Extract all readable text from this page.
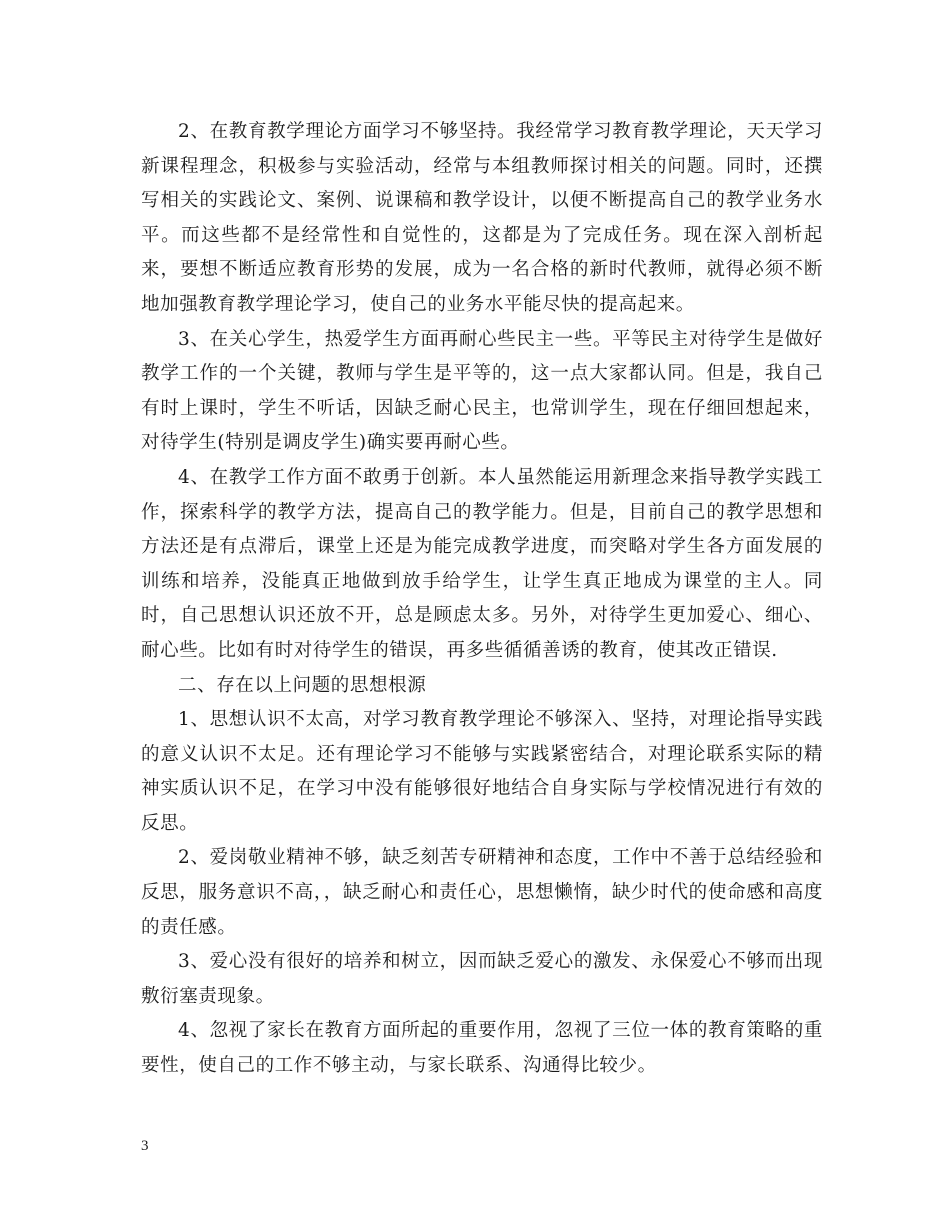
2、在教育教学理论方面学习不够坚持。我经常学习教育教学理论，天天学习新课程理念，积极参与实验活动，经常与本组教师探讨相关的问题。同时，还撰写相关的实践论文、案例、说课稿和教学设计，以便不断提高自己的教学业务水平。而这些都不是经常性和自觉性的，这都是为了完成任务。现在深入剖析起来，要想不断适应教育形势的发展，成为一名合格的新时代教师，就得必须不断地加强教育教学理论学习，使自己的业务水平能尽快的提高起来。

3、在关心学生，热爱学生方面再耐心些民主一些。平等民主对待学生是做好教学工作的一个关键，教师与学生是平等的，这一点大家都认同。但是，我自己有时上课时，学生不听话，因缺乏耐心民主，也常训学生，现在仔细回想起来，对待学生(特别是调皮学生)确实要再耐心些。

4、在教学工作方面不敢勇于创新。本人虽然能运用新理念来指导教学实践工作，探索科学的教学方法，提高自己的教学能力。但是，目前自己的教学思想和方法还是有点滞后，课堂上还是为能完成教学进度，而突略对学生各方面发展的训练和培养，没能真正地做到放手给学生，让学生真正地成为课堂的主人。同时，自己思想认识还放不开，总是顾虑太多。另外，对待学生更加爱心、细心、耐心些。比如有时对待学生的错误，再多些循循善诱的教育，使其改正错误.

二、存在以上问题的思想根源

1、思想认识不太高，对学习教育教学理论不够深入、坚持，对理论指导实践的意义认识不太足。还有理论学习不能够与实践紧密结合，对理论联系实际的精神实质认识不足，在学习中没有能够很好地结合自身实际与学校情况进行有效的反思。

2、爱岗敬业精神不够，缺乏刻苦专研精神和态度，工作中不善于总结经验和反思，服务意识不高，，缺乏耐心和责任心，思想懒惰，缺少时代的使命感和高度的责任感。

3、爱心没有很好的培养和树立，因而缺乏爱心的激发、永保爱心不够而出现敷衍塞责现象。

4、忽视了家长在教育方面所起的重要作用，忽视了三位一体的教育策略的重要性，使自己的工作不够主动，与家长联系、沟通得比较少。

3
